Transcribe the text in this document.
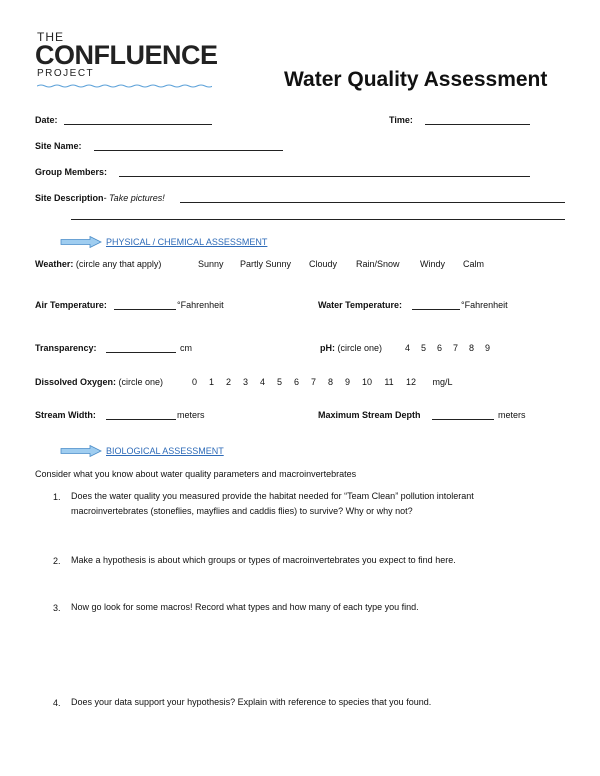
THE
CONFLUENCE
PROJECT	Water Quality Assessment
Date:	Time:
Site Name:
Group Members:
Site Description- Take pictures!
PHYSICAL / CHEMICAL ASSESSMENT
Weather: (circle any that apply)	Sunny Partly Sunny Cloudy Rain/Snow Windy Calm
Air Temperature:	°Fahrenheit	Water Temperature:	°Fahrenheit
Transparency:	cm	pH: (circle one)	4 5 6 7 8 9
Dissolved Oxygen: (circle one)	0 1 2 3 4 5 6 7 8 9 10 11 12 mg/L
Stream Width:	meters	Maximum Stream Depth	meters
BIOLOGICAL ASSESSMENT
Consider what you know about water quality parameters and macroinvertebrates
1. Does the water quality you measured provide the habitat needed for “Team Clean” pollution intolerant macroinvertebrates (stoneflies, mayflies and caddis flies) to survive? Why or why not?
2. Make a hypothesis is about which groups or types of macroinvertebrates you expect to find here.
3. Now go look for some macros! Record what types and how many of each type you find.
4. Does your data support your hypothesis? Explain with reference to species that you found.
